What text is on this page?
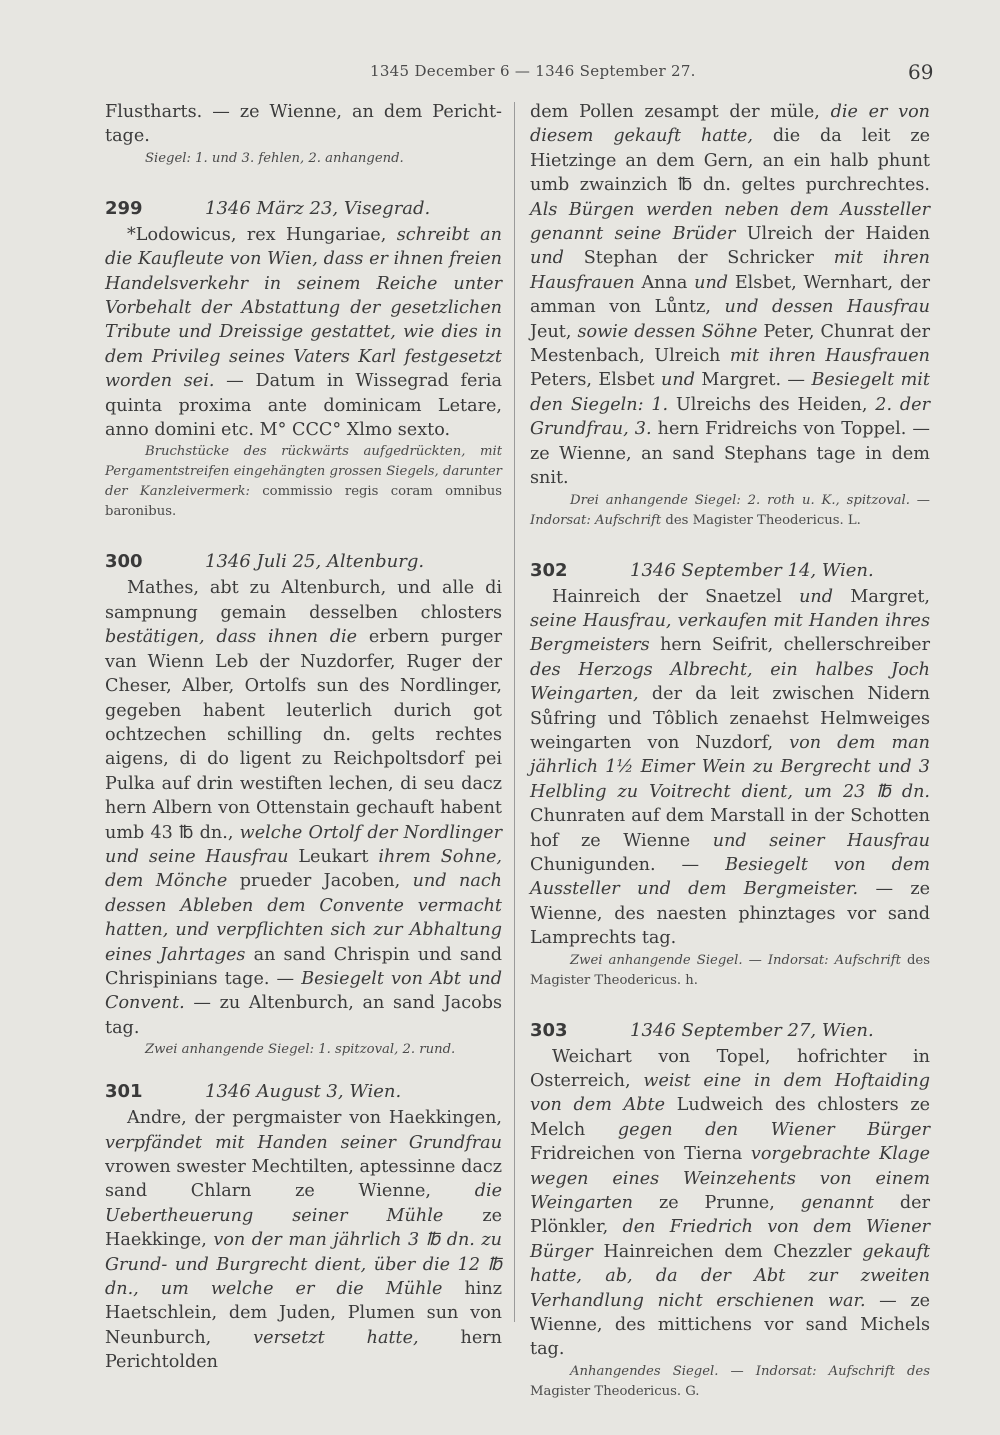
1345 December 6 — 1346 September 27.	69

Flustharts. — ze Wienne, an dem Perichttage.

Siegel: 1. und 3. fehlen, 2. anhangend.

299	1346 März 23, Visegrad.

*Lodowicus, rex Hungariae, schreibt an die Kaufleute von Wien, dass er ihnen freien Handelsverkehr in seinem Reiche unter Vorbehalt der Abstattung der gesetzlichen Tribute und Dreissige gestattet, wie dies in dem Privileg seines Vaters Karl festgesetzt worden sei. — Datum in Wissegrad feria quinta proxima ante dominicam Letare, anno domini etc. M° CCC° Xlmo sexto.

Bruchstücke des rückwärts aufgedrückten, mit Pergamentstreifen eingehängten grossen Siegels, darunter der Kanzleivermerk: commissio regis coram omnibus baronibus.

300	1346 Juli 25, Altenburg.

Mathes, abt zu Altenburch, und alle di sampnung gemain desselben chlosters bestätigen, dass ihnen die erbern purger van Wienn Leb der Nuzdorfer, Ruger der Cheser, Alber, Ortolfs sun des Nordlinger, gegeben habent leuterlich durich got ochtzechen schilling dn. gelts rechtes aigens, di do ligent zu Reichpoltsdorf pei Pulka auf drin westiften lechen, di seu dacz hern Albern von Ottenstain gechauft habent umb 43 ℔ dn., welche Ortolf der Nordlinger und seine Hausfrau Leukart ihrem Sohne, dem Mönche prueder Jacoben, und nach dessen Ableben dem Convente vermacht hatten, und verpflichten sich zur Abhaltung eines Jahrtages an sand Chrispin und sand Chrispinians tage. — Besiegelt von Abt und Convent. — zu Altenburch, an sand Jacobs tag.

Zwei anhangende Siegel: 1. spitzoval, 2. rund.

301	1346 August 3, Wien.

Andre, der pergmaister von Haekkingen, verpfändet mit Handen seiner Grundfrau vrowen swester Mechtilten, aptessinne dacz sand Chlarn ze Wienne, die Uebertheuerung seiner Mühle ze Haekkinge, von der man jährlich 3 ℔ dn. zu Grund- und Burgrecht dient, über die 12 ℔ dn., um welche er die Mühle hinz Haetschlein, dem Juden, Plumen sun von Neunburch, versetzt hatte, hern Perichtolden

dem Pollen zesampt der müle, die er von diesem gekauft hatte, die da leit ze Hietzinge an dem Gern, an ein halb phunt umb zwainzich ℔ dn. geltes purchrechtes. Als Bürgen werden neben dem Aussteller genannt seine Brüder Ulreich der Haiden und Stephan der Schricker mit ihren Hausfrauen Anna und Elsbet, Wernhart, der amman von Lůntz, und dessen Hausfrau Jeut, sowie dessen Söhne Peter, Chunrat der Mestenbach, Ulreich mit ihren Hausfrauen Peters, Elsbet und Margret. — Besiegelt mit den Siegeln: 1. Ulreichs des Heiden, 2. der Grundfrau, 3. hern Fridreichs von Toppel. — ze Wienne, an sand Stephans tage in dem snit.

Drei anhangende Siegel: 2. roth u. K., spitzoval. — Indorsat: Aufschrift des Magister Theodericus. L.

302	1346 September 14, Wien.

Hainreich der Snaetzel und Margret, seine Hausfrau, verkaufen mit Handen ihres Bergmeisters hern Seifrit, chellerschreiber des Herzogs Albrecht, ein halbes Joch Weingarten, der da leit zwischen Nidern Sůfring und Tôblich zenaehst Helmweiges weingarten von Nuzdorf, von dem man jährlich 1½ Eimer Wein zu Bergrecht und 3 Helbling zu Voitrecht dient, um 23 ℔ dn. Chunraten auf dem Marstall in der Schotten hof ze Wienne und seiner Hausfrau Chunigunden. — Besiegelt von dem Aussteller und dem Bergmeister. — ze Wienne, des naesten phinztages vor sand Lamprechts tag.

Zwei anhangende Siegel. — Indorsat: Aufschrift des Magister Theodericus. h.

303	1346 September 27, Wien.

Weichart von Topel, hofrichter in Osterreich, weist eine in dem Hoftaiding von dem Abte Ludweich des chlosters ze Melch gegen den Wiener Bürger Fridreichen von Tierna vorgebrachte Klage wegen eines Weinzehents von einem Weingarten ze Prunne, genannt der Plönkler, den Friedrich von dem Wiener Bürger Hainreichen dem Chezzler gekauft hatte, ab, da der Abt zur zweiten Verhandlung nicht erschienen war. — ze Wienne, des mittichens vor sand Michels tag.

Anhangendes Siegel. — Indorsat: Aufschrift des Magister Theodericus. G.
